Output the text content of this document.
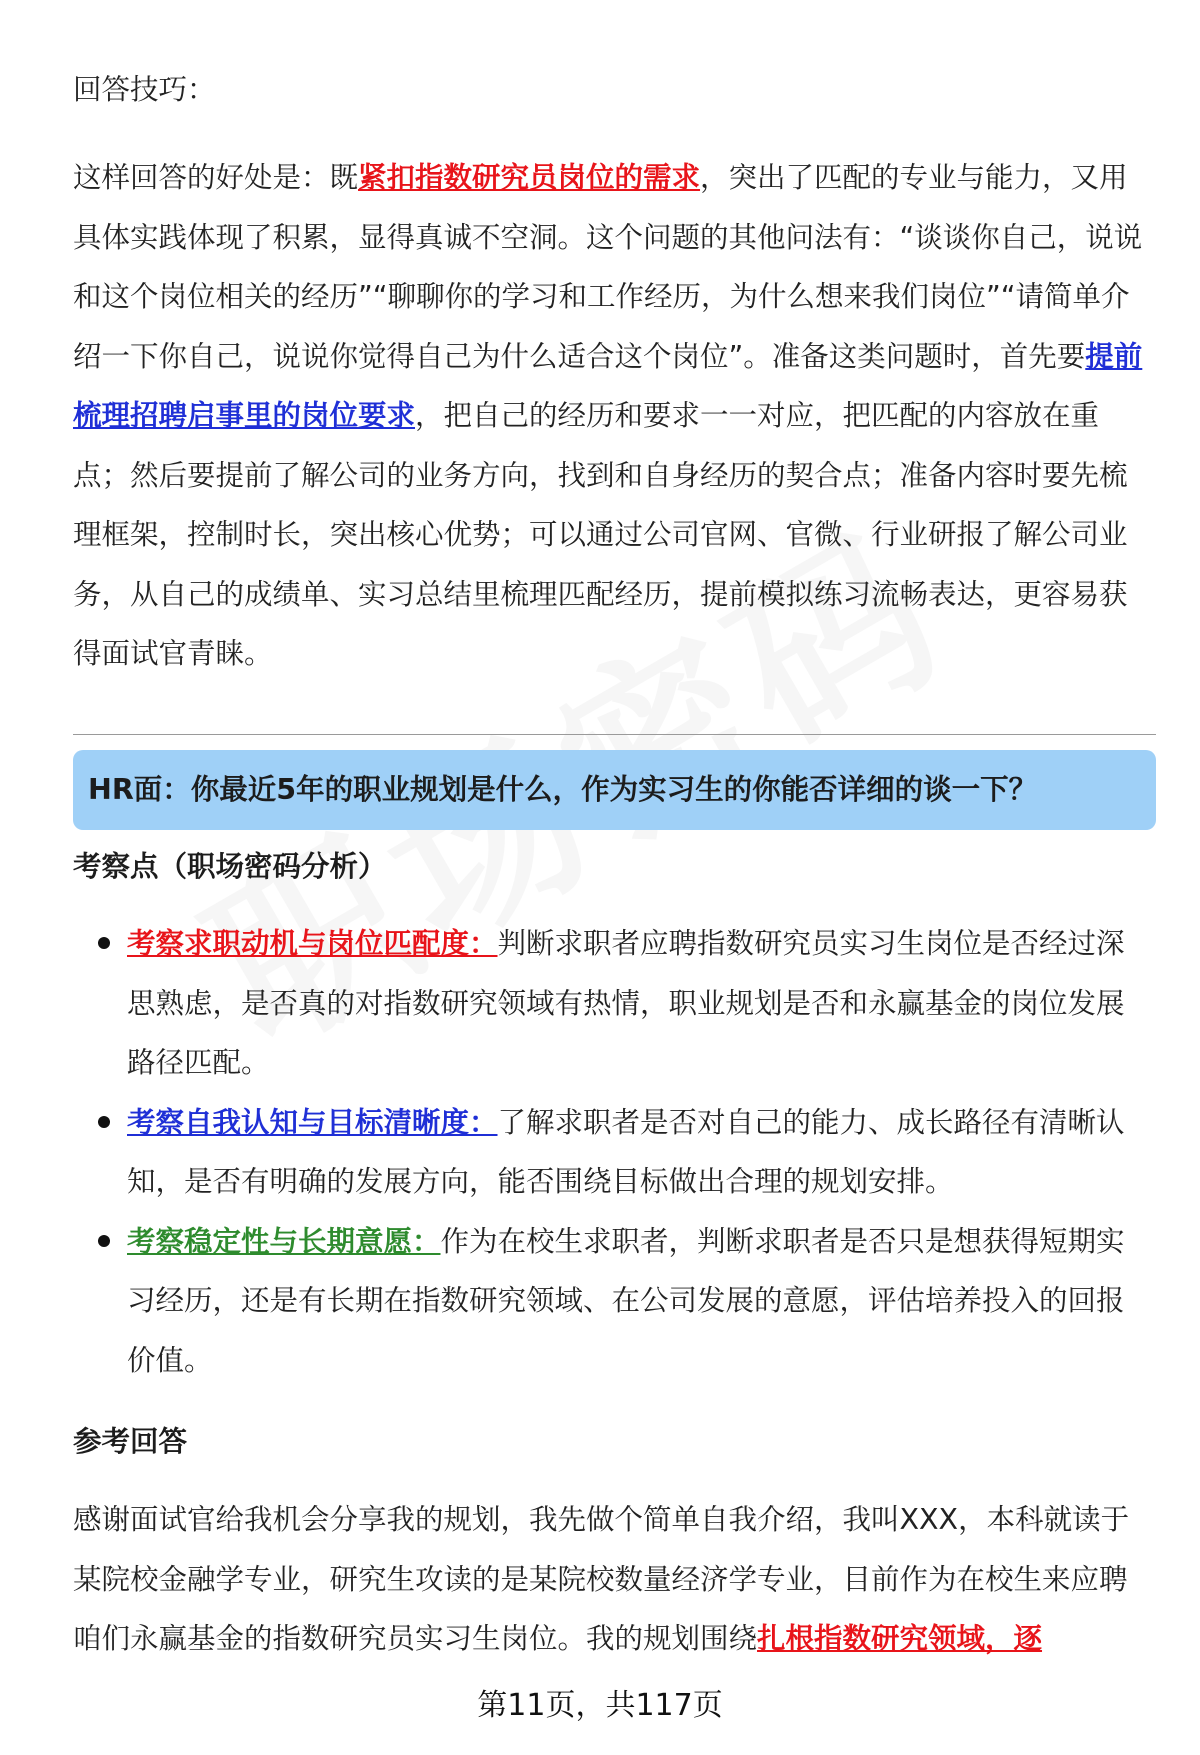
回答技巧：
这样回答的好处是：既紧扣指数研究员岗位的需求，突出了匹配的专业与能力，又用具体实践体现了积累，显得真诚不空洞。这个问题的其他问法有：“谈谈你自己，说说和这个岗位相关的经历”“聊聊你的学习和工作经历，为什么想来我们岗位”“请简单介绍一下你自己，说说你觉得自己为什么适合这个岗位”。准备这类问题时，首先要提前梳理招聘启事里的岗位要求，把自己的经历和要求一一对应，把匹配的内容放在重点；然后要提前了解公司的业务方向，找到和自身经历的契合点；准备内容时要先梳理框架，控制时长，突出核心优势；可以通过公司官网、官微、行业研报了解公司业务，从自己的成绩单、实习总结里梳理匹配经历，提前模拟练习流畅表达，更容易获得面试官青睐。
HR面：你最近5年的职业规划是什么，作为实习生的你能否详细的谈一下？
考察点（职场密码分析）
考察求职动机与岗位匹配度：判断求职者应聘指数研究员实习生岗位是否经过深思熟虑，是否真的对指数研究领域有热情，职业规划是否和永赢基金的岗位发展路径匹配。
考察自我认知与目标清晰度：了解求职者是否对自己的能力、成长路径有清晰认知，是否有明确的发展方向，能否围绕目标做出合理的规划安排。
考察稳定性与长期意愿：作为在校生求职者，判断求职者是否只是想获得短期实习经历，还是有长期在指数研究领域、在公司发展的意愿，评估培养投入的回报价值。
参考回答
感谢面试官给我机会分享我的规划，我先做个简单自我介绍，我叫XXX，本科就读于某院校金融学专业，研究生攻读的是某院校数量经济学专业，目前作为在校生来应聘咱们永赢基金的指数研究员实习生岗位。我的规划围绕扎根指数研究领域，逐
第11页，共117页
